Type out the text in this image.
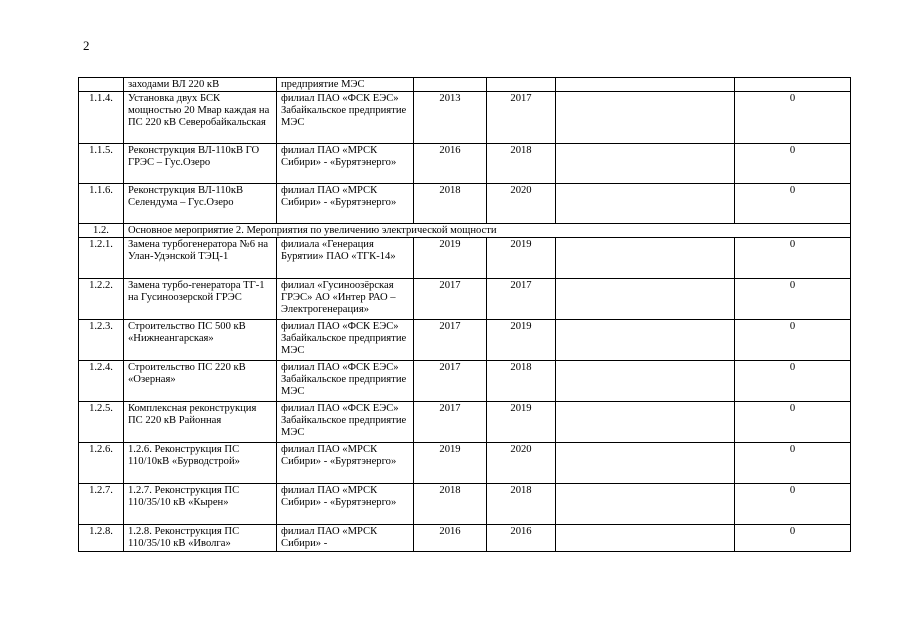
2
	заходами ВЛ 220 кВ	предприятие МЭС				
1.1.4.	Установка двух БСК мощностью 20 Мвар каждая на ПС 220 кВ Северобайкальская	филиал ПАО «ФСК ЕЭС» Забайкальское предприятие МЭС	2013	2017		0
1.1.5.	Реконструкция ВЛ-110кВ ГО ГРЭС – Гус.Озеро	филиал ПАО «МРСК Сибири» - «Бурятэнерго»	2016	2018		0
1.1.6.	Реконструкция ВЛ-110кВ Селендума – Гус.Озеро	филиал ПАО «МРСК Сибири» - «Бурятэнерго»	2018	2020		0
1.2.	Основное мероприятие 2. Мероприятия по увеличению электрической мощности					
1.2.1.	Замена турбогенератора №6 на Улан-Удэнской ТЭЦ-1	филиала «Генерация Бурятии» ПАО «ТГК-14»	2019	2019		0
1.2.2.	Замена турбо-генератора ТГ-1 на Гусиноозерской ГРЭС	филиал «Гусиноозёрская ГРЭС» АО «Интер РАО – Электрогенерация»	2017	2017		0
1.2.3.	Строительство ПС 500 кВ «Нижнеангарская»	филиал ПАО «ФСК ЕЭС» Забайкальское предприятие МЭС	2017	2019		0
1.2.4.	Строительство ПС 220 кВ «Озерная»	филиал ПАО «ФСК ЕЭС» Забайкальское предприятие МЭС	2017	2018		0
1.2.5.	Комплексная реконструкция ПС 220 кВ Районная	филиал ПАО «ФСК ЕЭС» Забайкальское предприятие МЭС	2017	2019		0
1.2.6.	1.2.6. Реконструкция ПС 110/10кВ «Бурводстрой»	филиал ПАО «МРСК Сибири» - «Бурятэнерго»	2019	2020		0
1.2.7.	1.2.7. Реконструкция ПС 110/35/10 кВ «Кырен»	филиал ПАО «МРСК Сибири» - «Бурятэнерго»	2018	2018		0
1.2.8.	1.2.8. Реконструкция ПС 110/35/10 кВ «Иволга»	филиал ПАО «МРСК Сибири» -	2016	2016		0
